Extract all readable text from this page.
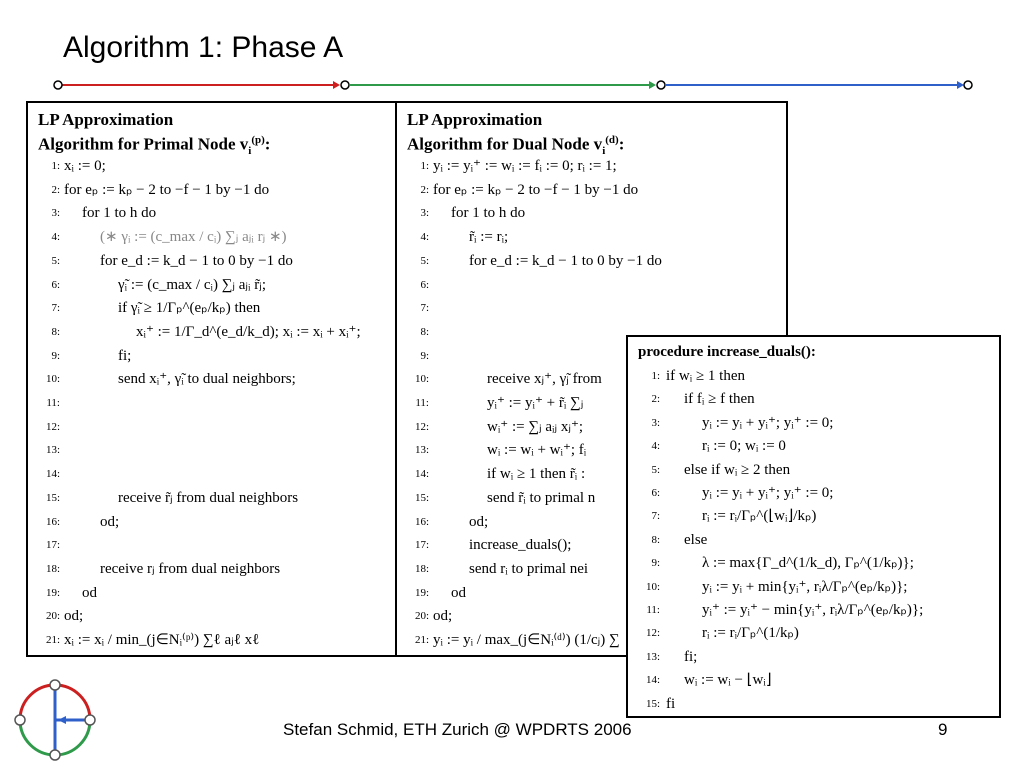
Algorithm 1: Phase A
LP Approximation
Algorithm for Primal Node $v_i^{(p)}$:
1: xᵢ := 0;
2: for eₚ := kₚ − 2 to −f − 1 by −1 do
3: for 1 to h do
4:	(∗ γᵢ := (c_max / cᵢ) ∑ⱼ aⱼᵢ rⱼ ∗)
5:	for e_d := k_d − 1 to 0 by −1 do
6:	γ̃ᵢ := (c_max / cᵢ) ∑ⱼ aⱼᵢ r̃ⱼ;
7:	if γ̃ᵢ ≥ 1/Γₚ^(eₚ/kₚ) then
8:	xᵢ⁺ := 1/Γ_d^(e_d/k_d); xᵢ := xᵢ + xᵢ⁺;
9:	fi;
10:	send xᵢ⁺, γ̃ᵢ to dual neighbors;
11:
12:
13:
14:
15:	receive r̃ⱼ from dual neighbors
16:	od;
17:
18:	receive rⱼ from dual neighbors
19: od
20: od;
21: xᵢ := xᵢ / min_(j∈Nᵢ⁽ᵖ⁾) ∑ℓ aⱼℓ xℓ
LP Approximation
Algorithm for Dual Node $v_i^{(d)}$:
1: yᵢ := yᵢ⁺ := wᵢ := fᵢ := 0; rᵢ := 1;
2: for eₚ := kₚ − 2 to −f − 1 by −1 do
3: for 1 to h do
4:	r̃ᵢ := rᵢ;
5:	for e_d := k_d − 1 to 0 by −1 do
6:
7:
8:
9:
10:	receive xⱼ⁺, γ̃ⱼ from
11:	yᵢ⁺ := yᵢ⁺ + r̃ᵢ ∑ⱼ
12:	wᵢ⁺ := ∑ⱼ aᵢⱼ xⱼ⁺;
13:	wᵢ := wᵢ + wᵢ⁺; fᵢ
14:	if wᵢ ≥ 1 then r̃ᵢ :
15:	send r̃ᵢ to primal n
16:	od;
17:	increase_duals();
18:	send rᵢ to primal nei
19: od
20: od;
21: yᵢ := yᵢ / max_(j∈Nᵢ⁽ᵈ⁾) (1/cⱼ) ∑
procedure increase_duals():
1: if wᵢ ≥ 1 then
2: if fᵢ ≥ f then
3:	yᵢ := yᵢ + yᵢ⁺; yᵢ⁺ := 0;
4:	rᵢ := 0; wᵢ := 0
5: else if wᵢ ≥ 2 then
6:	yᵢ := yᵢ + yᵢ⁺; yᵢ⁺ := 0;
7:	rᵢ := rᵢ/Γₚ^(⌊wᵢ⌋/kₚ)
8: else
9:	λ := max{Γ_d^(1/k_d), Γₚ^(1/kₚ)};
10:	yᵢ := yᵢ + min{yᵢ⁺, rᵢλ/Γₚ^(eₚ/kₚ)};
11:	yᵢ⁺ := yᵢ⁺ − min{yᵢ⁺, rᵢλ/Γₚ^(eₚ/kₚ)};
12:	rᵢ := rᵢ/Γₚ^(1/kₚ)
13: fi;
14: wᵢ := wᵢ − ⌊wᵢ⌋
15: fi
Stefan Schmid, ETH Zurich @ WPDRTS 2006	9
